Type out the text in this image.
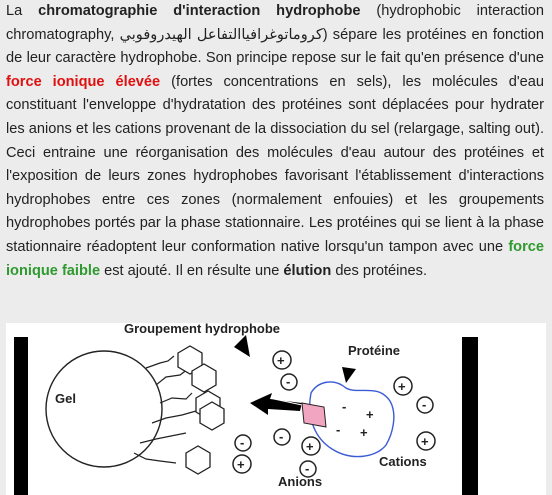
La chromatographie d'interaction hydrophobe (hydrophobic interaction chromatography, كروماتوغرافياالتفاعل الهيدروفوبي) sépare les protéines en fonction de leur caractère hydrophobe. Son principe repose sur le fait qu'en présence d'une force ionique élevée (fortes concentrations en sels), les molécules d'eau constituant l'enveloppe d'hydratation des protéines sont déplacées pour hydrater les anions et les cations provenant de la dissociation du sel (relargage, salting out). Ceci entraine une réorganisation des molécules d'eau autour des protéines et l'exposition de leurs zones hydrophobes favorisant l'établissement d'interactions hydrophobes entre ces zones (normalement enfouies) et les groupements hydrophobes portés par la phase stationnaire. Les protéines qui se lient à la phase stationnaire réadoptent leur conformation native lorsqu'un tampon avec une force ionique faible est ajouté. Il en résulte une élution des protéines.
Gel
Groupement hydrophobe
Protéine
-
+
- +
+
-	+
-
-
-
+
+
-
+
Cations
Anions
